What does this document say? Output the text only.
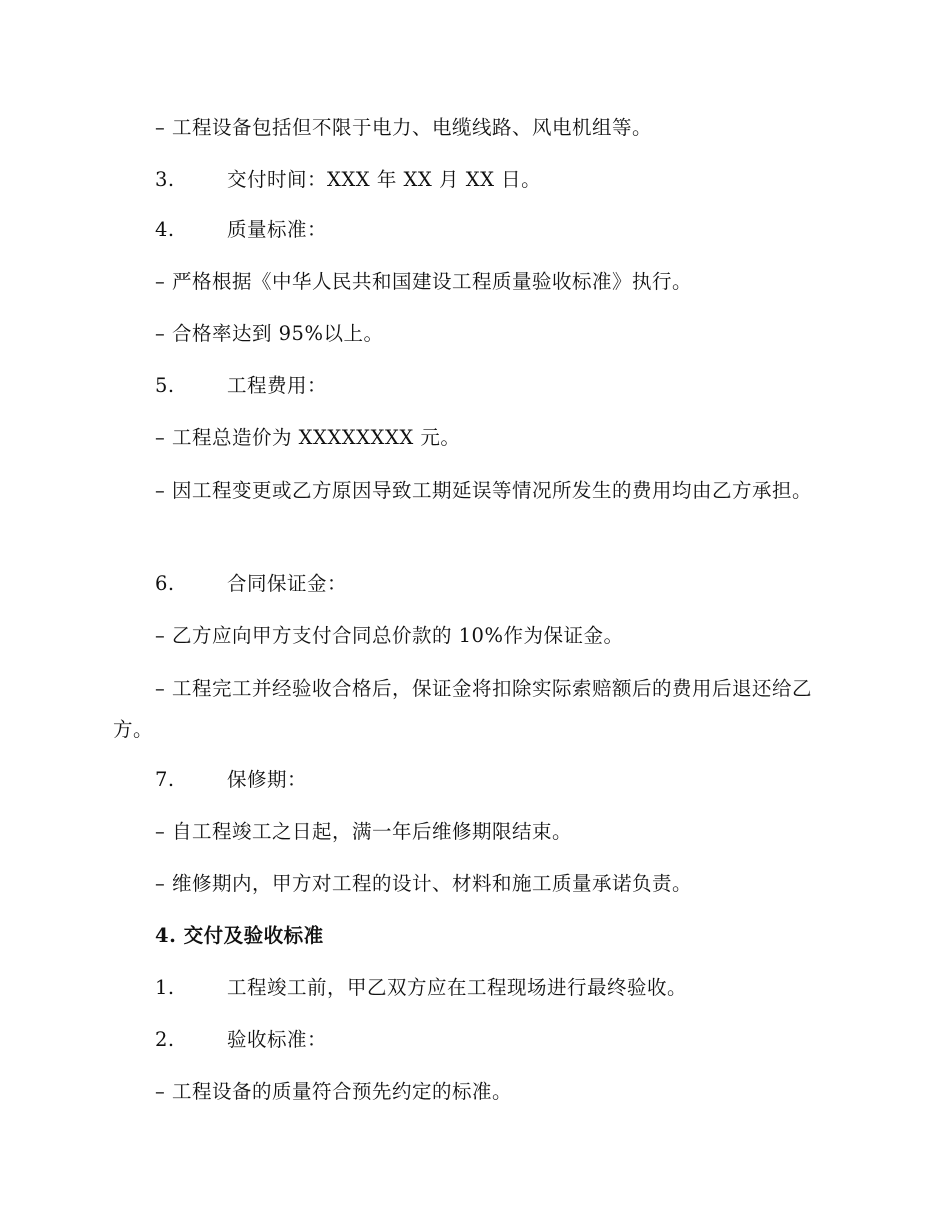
– 工程设备包括但不限于电力、电缆线路、风电机组等。
3.	交付时间：XXX 年 XX 月 XX 日。
4.	质量标准：
– 严格根据《中华人民共和国建设工程质量验收标准》执行。
– 合格率达到 95%以上。
5.	工程费用：
– 工程总造价为 XXXXXXXX 元。
– 因工程变更或乙方原因导致工期延误等情况所发生的费用均由乙方承担。
6.	合同保证金：
– 乙方应向甲方支付合同总价款的 10%作为保证金。
– 工程完工并经验收合格后，保证金将扣除实际索赔额后的费用后退还给乙方。
7.	保修期：
– 自工程竣工之日起，满一年后维修期限结束。
– 维修期内，甲方对工程的设计、材料和施工质量承诺负责。
4. 交付及验收标准
1.	工程竣工前，甲乙双方应在工程现场进行最终验收。
2.	验收标准：
– 工程设备的质量符合预先约定的标准。
